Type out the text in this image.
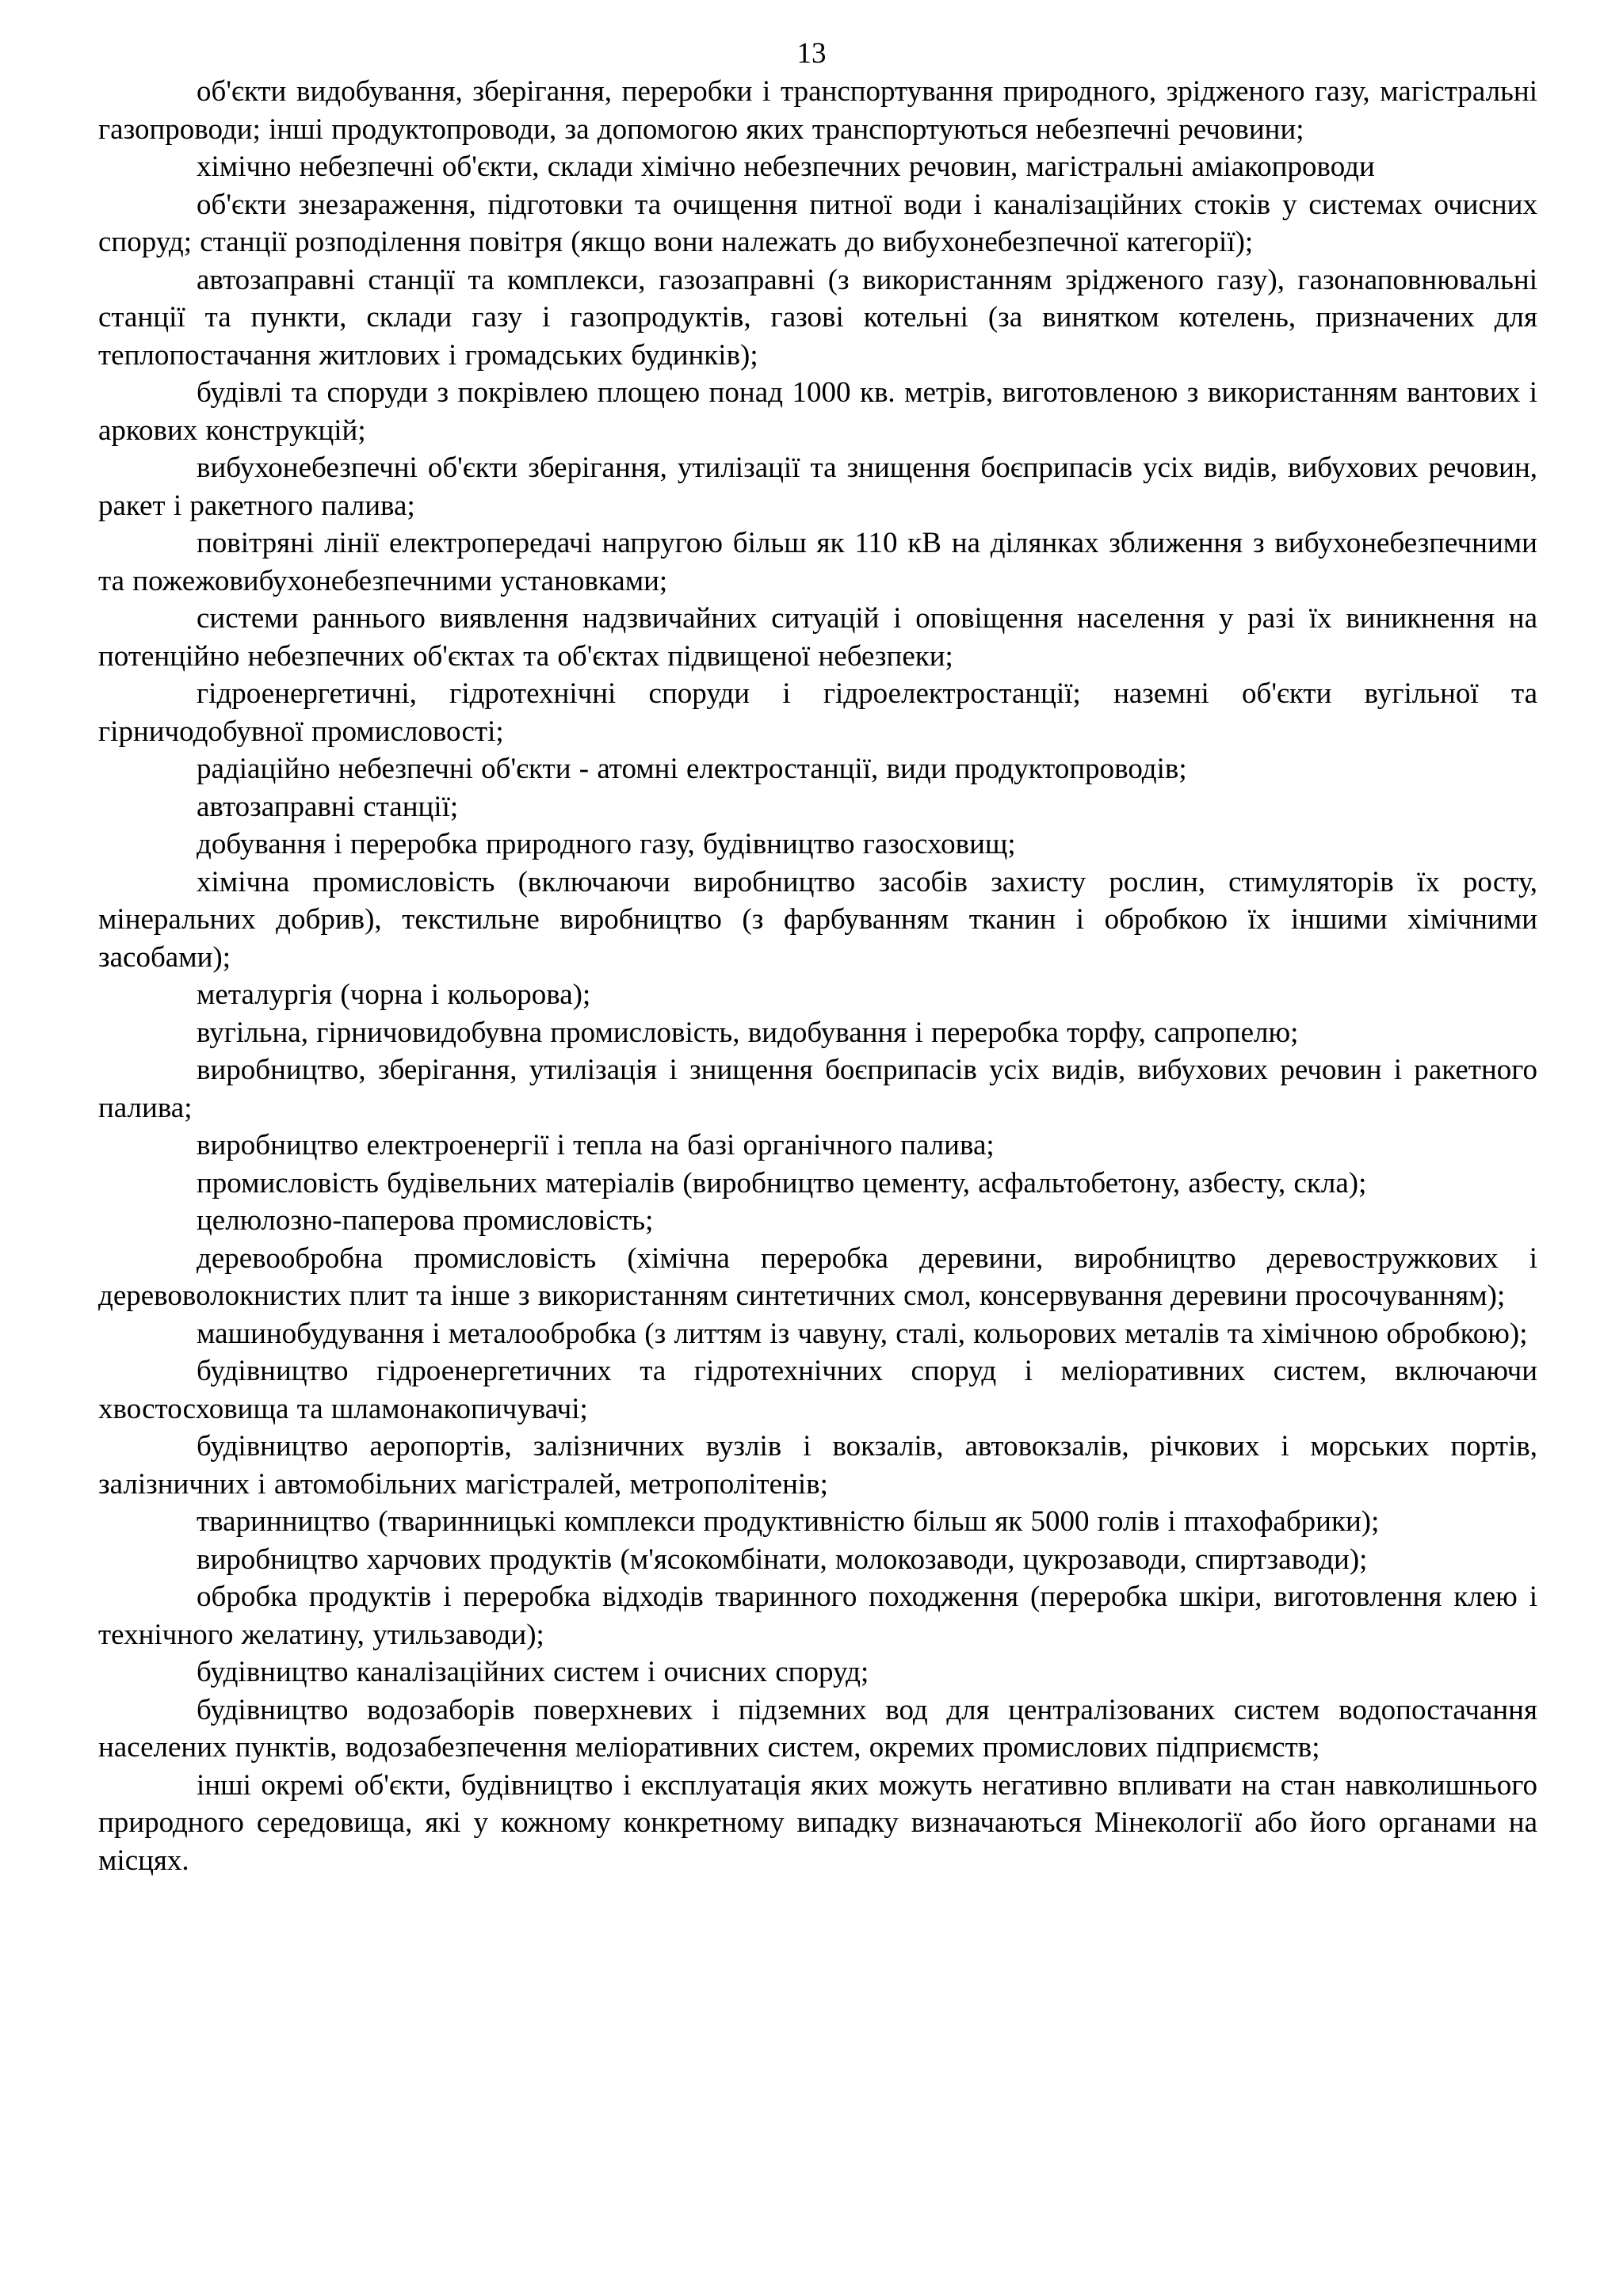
13

об'єкти видобування, зберігання, переробки і транспортування природного, зрідженого газу, магістральні газопроводи; інші продуктопроводи, за допомогою яких транспортуються небезпечні речовини;

хімічно небезпечні об'єкти, склади хімічно небезпечних речовин, магістральні аміакопроводи

об'єкти знезараження, підготовки та очищення питної води і каналізаційних стоків у системах очисних споруд; станції розподілення повітря (якщо вони належать до вибухонебезпечної категорії);

автозаправні станції та комплекси, газозаправні (з використанням зрідженого газу), газонаповнювальні станції та пункти, склади газу і газопродуктів, газові котельні (за винятком котелень, призначених для теплопостачання житлових і громадських будинків);

будівлі та споруди з покрівлею площею понад 1000 кв. метрів, виготовленою з використанням вантових і аркових конструкцій;

вибухонебезпечні об'єкти зберігання, утилізації та знищення боєприпасів усіх видів, вибухових речовин, ракет і ракетного палива;

повітряні лінії електропередачі напругою більш як 110 кВ на ділянках зближення з вибухонебезпечними та пожежовибухонебезпечними установками;

системи раннього виявлення надзвичайних ситуацій і оповіщення населення у разі їх виникнення на потенційно небезпечних об'єктах та об'єктах підвищеної небезпеки;

гідроенергетичні, гідротехнічні споруди і гідроелектростанції; наземні об'єкти вугільної та гірничодобувної промисловості;

радіаційно небезпечні об'єкти - атомні електростанції, види продуктопроводів;

автозаправні станції;

добування і переробка природного газу, будівництво газосховищ;

хімічна промисловість (включаючи виробництво засобів захисту рослин, стимуляторів їх росту, мінеральних добрив), текстильне виробництво (з фарбуванням тканин і обробкою їх іншими хімічними засобами);

металургія (чорна і кольорова);

вугільна, гірничовидобувна промисловість, видобування і переробка торфу, сапропелю;

виробництво, зберігання, утилізація і знищення боєприпасів усіх видів, вибухових речовин і ракетного палива;

виробництво електроенергії і тепла на базі органічного палива;

промисловість будівельних матеріалів (виробництво цементу, асфальтобетону, азбесту, скла);

целюлозно-паперова промисловість;

деревообробна промисловість (хімічна переробка деревини, виробництво деревостружкових і деревоволокнистих плит та інше з використанням синтетичних смол, консервування деревини просочуванням);

машинобудування і металообробка (з литтям із чавуну, сталі, кольорових металів та хімічною обробкою);

будівництво гідроенергетичних та гідротехнічних споруд і меліоративних систем, включаючи хвостосховища та шламонакопичувачі;

будівництво аеропортів, залізничних вузлів і вокзалів, автовокзалів, річкових і морських портів, залізничних і автомобільних магістралей, метрополітенів;

тваринництво (тваринницькі комплекси продуктивністю більш як 5000 голів і птахофабрики);

виробництво харчових продуктів (м'ясокомбінати, молокозаводи, цукрозаводи, спиртзаводи);

обробка продуктів і переробка відходів тваринного походження (переробка шкіри, виготовлення клею і технічного желатину, утильзаводи);

будівництво каналізаційних систем і очисних споруд;

будівництво водозаборів поверхневих і підземних вод для централізованих систем водопостачання населених пунктів, водозабезпечення меліоративних систем, окремих промислових підприємств;

інші окремі об'єкти, будівництво і експлуатація яких можуть негативно впливати на стан навколишнього природного середовища, які у кожному конкретному випадку визначаються Мінекології або його органами на місцях.
